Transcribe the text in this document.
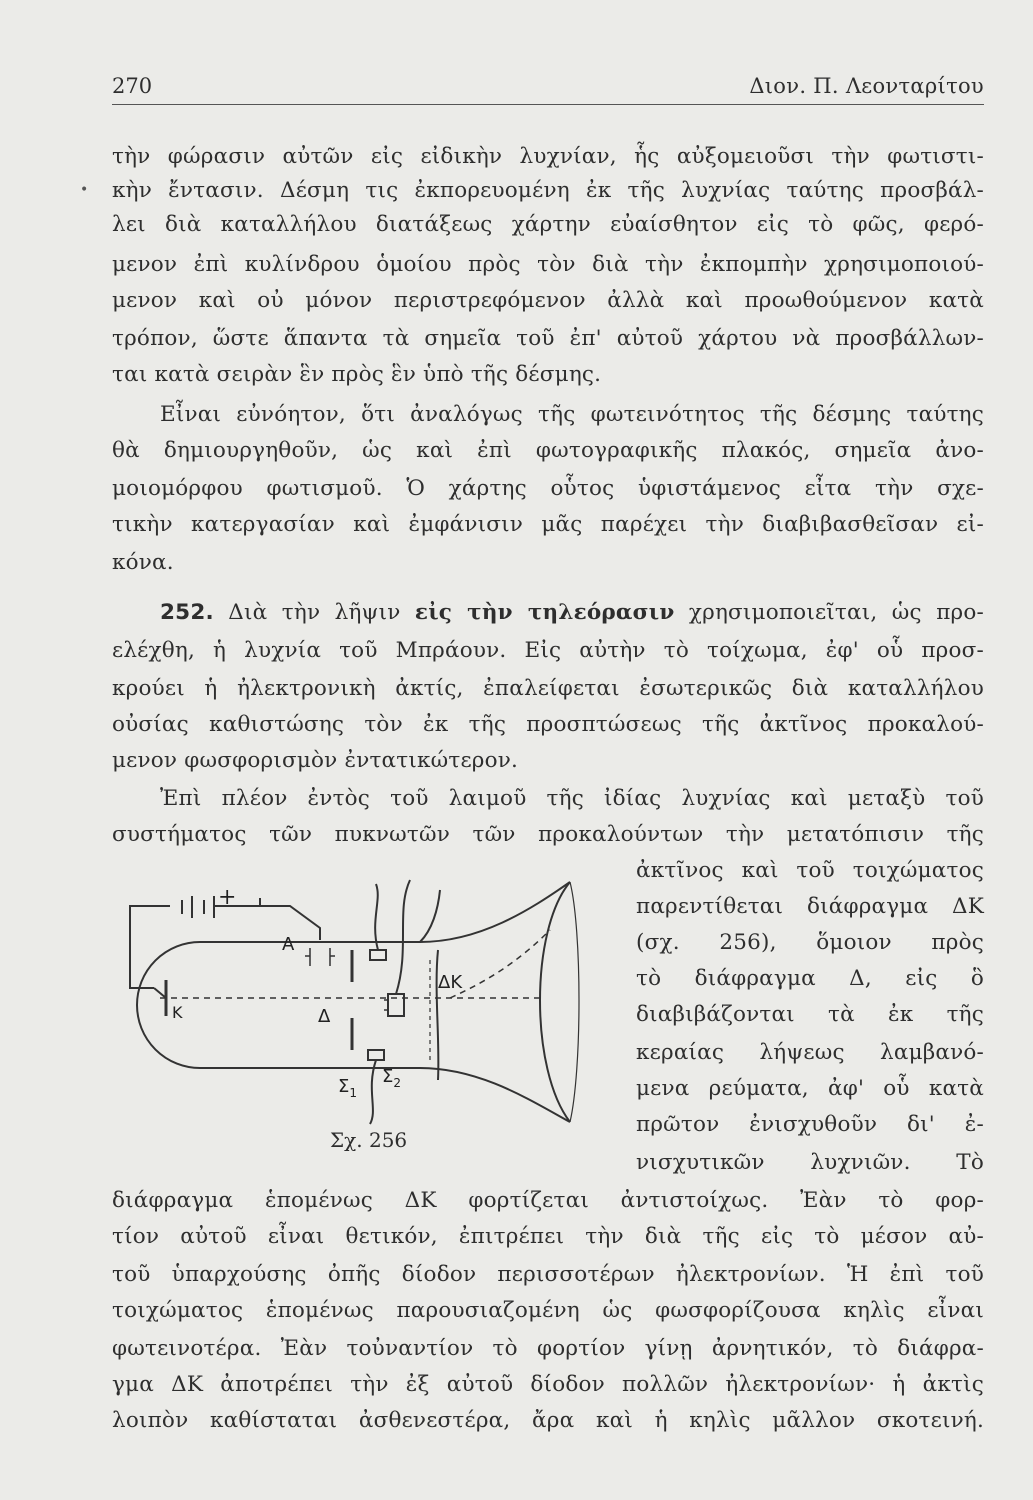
270	Διον. Π. Λεονταρίτου
•
τὴν φώρασιν αὐτῶν εἰς εἰδικὴν λυχνίαν, ἧς αὐξομειοῦσι τὴν φωτιστι-
κὴν ἔντασιν. Δέσμη τις ἐκπορευομένη ἐκ τῆς λυχνίας ταύτης προσβάλ-
λει διὰ καταλλήλου διατάξεως χάρτην εὐαίσθητον εἰς τὸ φῶς, φερό-
μενον ἐπὶ κυλίνδρου ὁμοίου πρὸς τὸν διὰ τὴν ἐκπομπὴν χρησιμοποιού-
μενον καὶ οὐ μόνον περιστρεφόμενον ἀλλὰ καὶ προωθούμενον κατὰ
τρόπον, ὥστε ἅπαντα τὰ σημεῖα τοῦ ἐπ' αὐτοῦ χάρτου νὰ προσβάλλων-
ται κατὰ σειρὰν ἓν πρὸς ἓν ὑπὸ τῆς δέσμης.
Εἶναι εὐνόητον, ὅτι ἀναλόγως τῆς φωτεινότητος τῆς δέσμης ταύτης
θὰ δημιουργηθοῦν, ὡς καὶ ἐπὶ φωτογραφικῆς πλακός, σημεῖα ἀνο-
μοιομόρφου φωτισμοῦ. Ὁ χάρτης οὗτος ὑφιστάμενος εἶτα τὴν σχε-
τικὴν κατεργασίαν καὶ ἐμφάνισιν μᾶς παρέχει τὴν διαβιβασθεῖσαν εἰ-
κόνα.
252. Διὰ τὴν λῆψιν εἰς τὴν τηλεόρασιν χρησιμοποιεῖται, ὡς προ-
ελέχθη, ἡ λυχνία τοῦ Μπράουν. Εἰς αὐτὴν τὸ τοίχωμα, ἐφ' οὗ προσ-
κρούει ἡ ἠλεκτρονικὴ ἀκτίς, ἐπαλείφεται ἐσωτερικῶς διὰ καταλλήλου
οὐσίας καθιστώσης τὸν ἐκ τῆς προσπτώσεως τῆς ἀκτῖνος προκαλού-
μενον φωσφορισμὸν ἐντατικώτερον.
Ἐπὶ πλέον ἐντὸς τοῦ λαιμοῦ τῆς ἰδίας λυχνίας καὶ μεταξὺ τοῦ
συστήματος τῶν πυκνωτῶν τῶν προκαλούντων τὴν μετατόπισιν τῆς
ἀκτῖνος καὶ τοῦ τοιχώματος
παρεντίθεται διάφραγμα ΔΚ
(σχ. 256), ὅμοιον πρὸς
τὸ διάφραγμα Δ, εἰς ὃ
διαβιβάζονται τὰ ἐκ τῆς
κεραίας λήψεως λαμβανό-
μενα ρεύματα, ἀφ' οὗ κατὰ
πρῶτον ἐνισχυθοῦν δι' ἐ-
νισχυτικῶν λυχνιῶν. Τὸ
διάφραγμα ἑπομένως ΔΚ φορτίζεται ἀντιστοίχως. Ἐὰν τὸ φορ-
τίον αὐτοῦ εἶναι θετικόν, ἐπιτρέπει τὴν διὰ τῆς εἰς τὸ μέσον αὐ-
τοῦ ὑπαρχούσης ὀπῆς δίοδον περισσοτέρων ἠλεκτρονίων. Ἡ ἐπὶ τοῦ
τοιχώματος ἑπομένως παρουσιαζομένη ὡς φωσφορίζουσα κηλὶς εἶναι
φωτεινοτέρα. Ἐὰν τοὐναντίον τὸ φορτίον γίνῃ ἀρνητικόν, τὸ διάφρα-
γμα ΔΚ ἀποτρέπει τὴν ἐξ αὐτοῦ δίοδον πολλῶν ἠλεκτρονίων· ἡ ἀκτὶς
λοιπὸν καθίσταται ἀσθενεστέρα, ἄρα καὶ ἡ κηλὶς μᾶλλον σκοτεινή.
+
A
K	Δ
ΔΚ
$\Sigma_1$
$\Sigma_2$
Σχ. 256
